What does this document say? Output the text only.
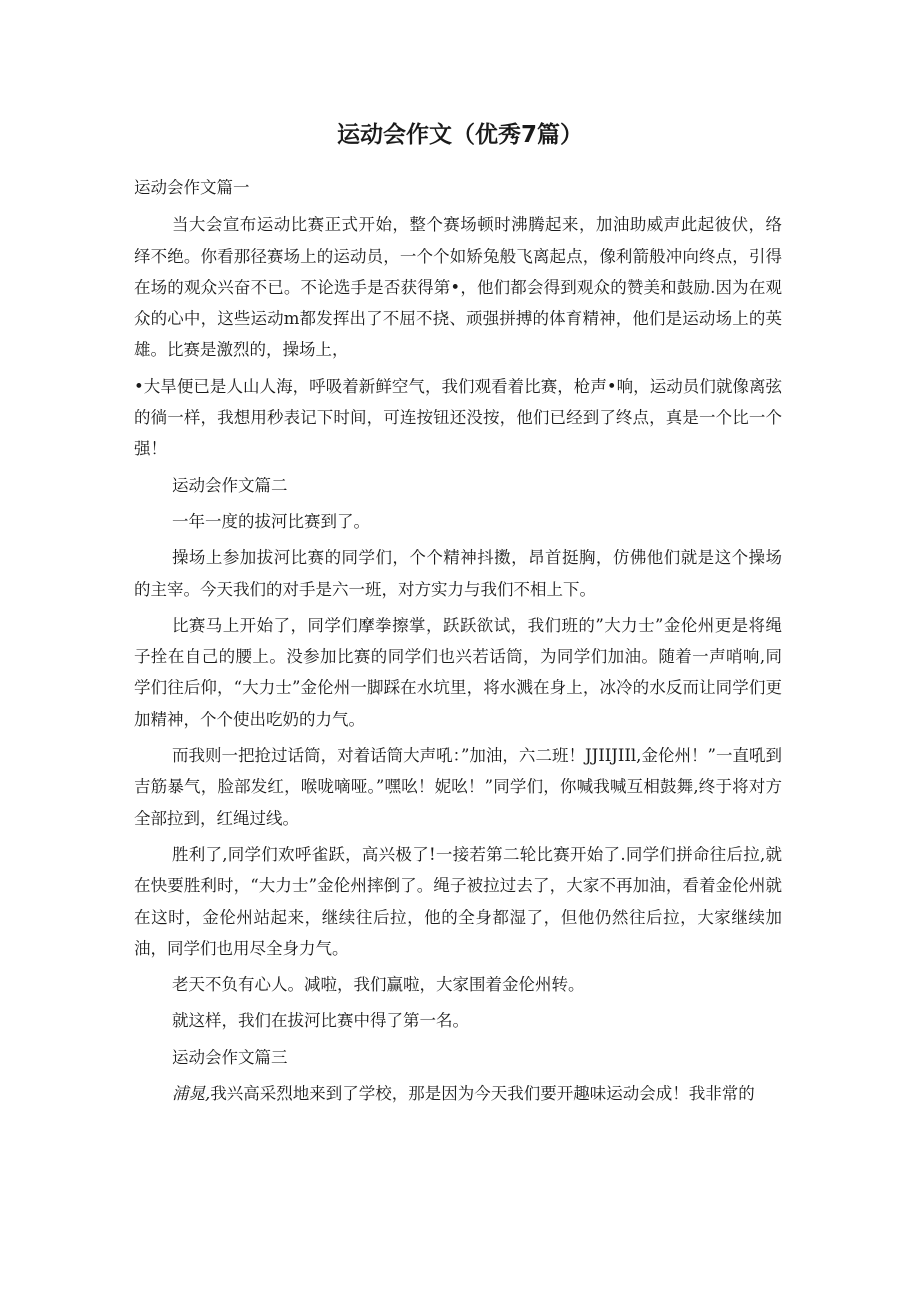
运动会作文（优秀7篇）

运动会作文篇一

当大会宣布运动比赛正式开始，整个赛场顿时沸腾起来，加油助威声此起彼伏，络绎不绝。你看那径赛场上的运动员，一个个如矫兔般飞离起点，像利箭般冲向终点，引得在场的观众兴奋不已。不论选手是否获得第•，他们都会得到观众的赞美和鼓励.因为在观众的心中，这些运动m都发挥出了不屈不挠、顽强拼搏的体育精神，他们是运动场上的英雄。比赛是激烈的，操场上，

•大旱便已是人山人海，呼吸着新鲜空气，我们观看着比赛，枪声•响，运动员们就像离弦的徜一样，我想用秒表记下时间，可连按钮还没按，他们已经到了终点，真是一个比一个强！

运动会作文篇二

一年一度的拔河比赛到了。

操场上参加拔河比赛的同学们，个个精神抖擞，昂首挺胸，仿佛他们就是这个操场的主宰。今天我们的对手是六一班，对方实力与我们不相上下。

比赛马上开始了，同学们摩拳擦掌，跃跃欲试，我们班的”大力士”金伦州更是将绳子拴在自己的腰上。没参加比赛的同学们也兴若话筒，为同学们加油。随着一声哨响,同学们往后仰，“大力士”金伦州一脚踩在水坑里，将水溅在身上，冰冷的水反而让同学们更加精神，个个使出吃奶的力气。

而我则一把抢过话筒，对着话筒大声吼：”加油，六二班！JJIIJIIl,金伦州！”一直吼到吉筋暴气，脸部发红，喉咙嘀哑。”嘿吆！妮吆！”同学们，你喊我喊互相鼓舞,终于将对方全部拉到，红绳过线。

胜利了,同学们欢呼雀跃，高兴极了!一接若第二轮比赛开始了.同学们拼命往后拉,就在快要胜利时，“大力士”金伦州摔倒了。绳子被拉过去了，大家不再加油，看着金伦州就在这时，金伦州站起来，继续往后拉，他的全身都湿了，但他仍然往后拉，大家继续加油，同学们也用尽全身力气。

老天不负有心人。减啦，我们赢啦，大家围着金伦州转。

就这样，我们在拔河比赛中得了第一名。

运动会作文篇三

浦晁,我兴高采烈地来到了学校，那是因为今天我们要开趣味运动会成！我非常的
